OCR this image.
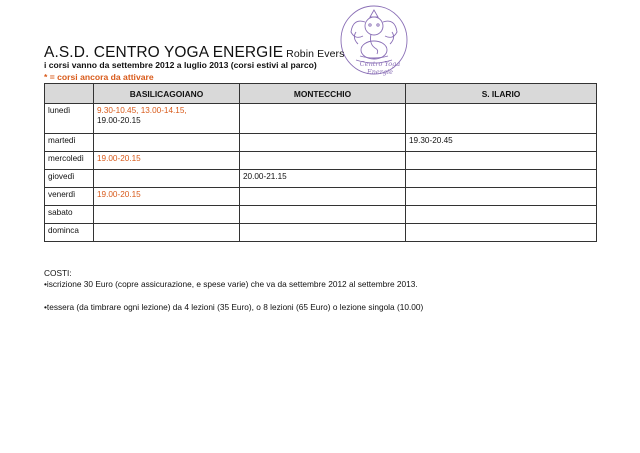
Centro Yoga Energie
A.S.D. CENTRO YOGA ENERGIE Robin Evers
i corsi vanno da settembre 2012 a luglio 2013 (corsi estivi al parco)
* = corsi ancora da attivare
	BASILICAGOIANO	MONTECCHIO	S. ILARIO
lunedì	9.30-10.45, 13.00-14.15,
19.00-20.15		
martedì			19.30-20.45
mercoledì	19.00-20.15		
giovedì		20.00-21.15	
venerdì	19.00-20.15		
sabato			
dominca			

COSTI:

•iscrizione 30 Euro (copre assicurazione, e spese varie) che va da settembre 2012 al settembre 2013.

•tessera (da timbrare ogni lezione) da 4 lezioni (35 Euro), o 8 lezioni (65 Euro) o lezione singola (10.00)
